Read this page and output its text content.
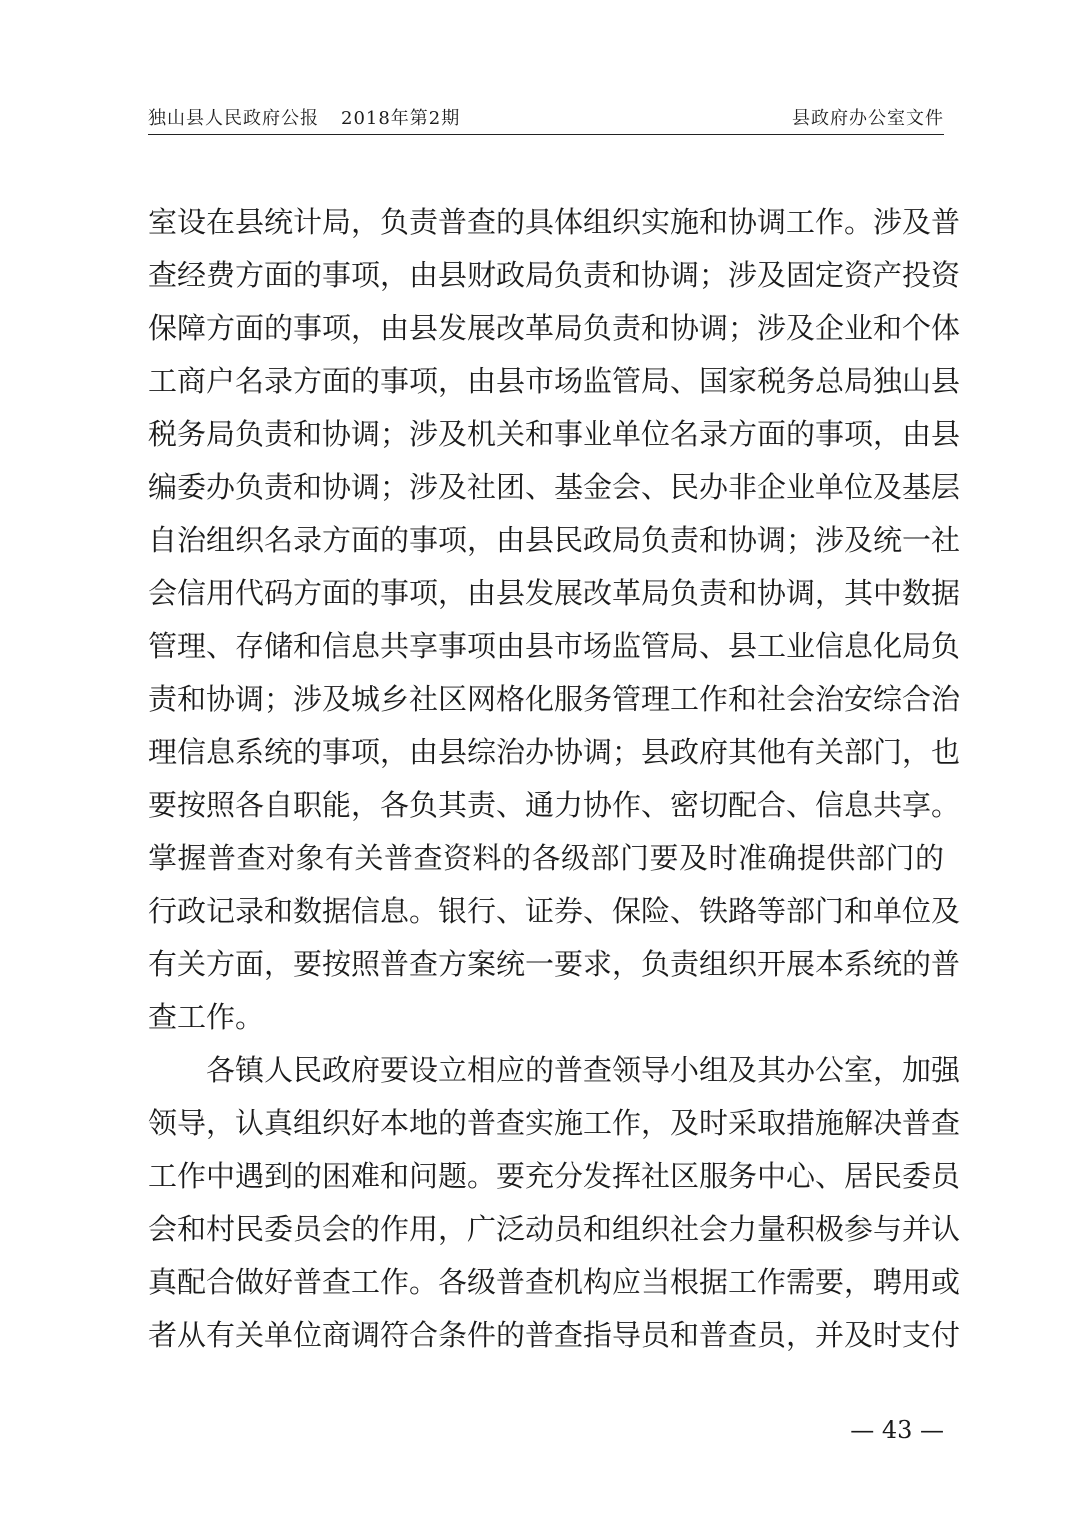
独山县人民政府公报 2018年第2期	县政府办公室文件
室设在县统计局，负责普查的具体组织实施和协调工作。涉及普
查经费方面的事项，由县财政局负责和协调；涉及固定资产投资
保障方面的事项，由县发展改革局负责和协调；涉及企业和个体
工商户名录方面的事项，由县市场监管局、国家税务总局独山县
税务局负责和协调；涉及机关和事业单位名录方面的事项，由县
编委办负责和协调；涉及社团、基金会、民办非企业单位及基层
自治组织名录方面的事项，由县民政局负责和协调；涉及统一社
会信用代码方面的事项，由县发展改革局负责和协调，其中数据
管理、存储和信息共享事项由县市场监管局、县工业信息化局负
责和协调；涉及城乡社区网格化服务管理工作和社会治安综合治
理信息系统的事项，由县综治办协调；县政府其他有关部门，也
要按照各自职能，各负其责、通力协作、密切配合、信息共享。
掌握普查对象有关普查资料的各级部门要及时准确提供部门的
行政记录和数据信息。银行、证券、保险、铁路等部门和单位及
有关方面，要按照普查方案统一要求，负责组织开展本系统的普
查工作。
各镇人民政府要设立相应的普查领导小组及其办公室，加强
领导，认真组织好本地的普查实施工作，及时采取措施解决普查
工作中遇到的困难和问题。要充分发挥社区服务中心、居民委员
会和村民委员会的作用，广泛动员和组织社会力量积极参与并认
真配合做好普查工作。各级普查机构应当根据工作需要，聘用或
者从有关单位商调符合条件的普查指导员和普查员，并及时支付
— 43 —
